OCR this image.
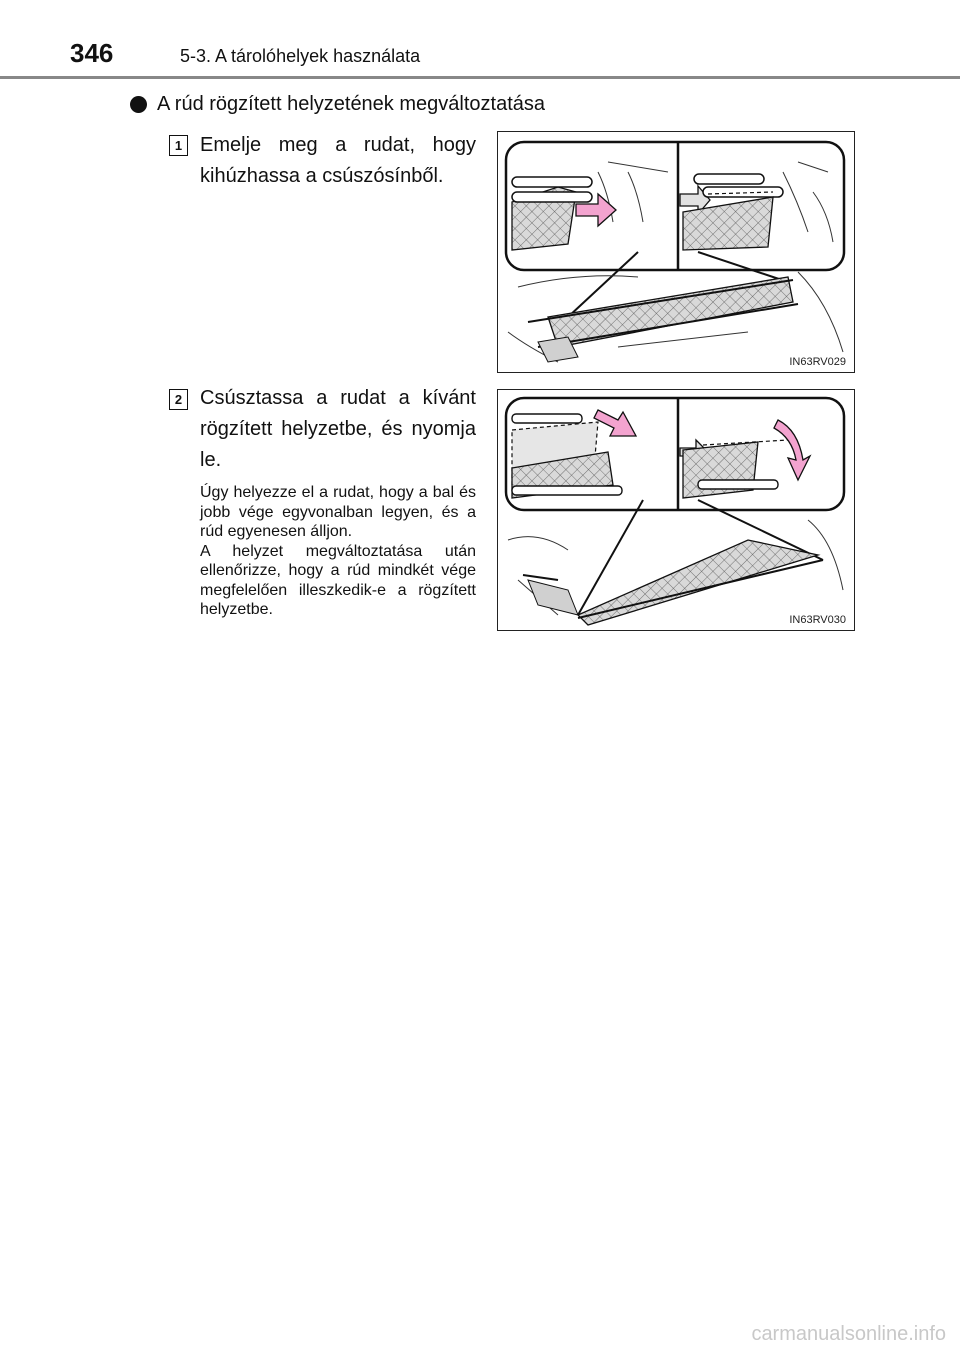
346	5-3. A tárolóhelyek használata
A rúd rögzített helyzetének megváltoztatása
1 Emelje meg a rudat, hogy kihúzhassa a csúszósínből.
IN63RV029
2 Csúsztassa a rudat a kívánt rögzített helyzetbe, és nyomja le.
Úgy helyezze el a rudat, hogy a bal és jobb vége egyvonalban legyen, és a rúd egyenesen álljon.
A helyzet megváltoztatása után ellenőrizze, hogy a rúd mindkét vége megfelelően illeszkedik-e a rögzített helyzetbe.
IN63RV030
carmanualsonline.info
